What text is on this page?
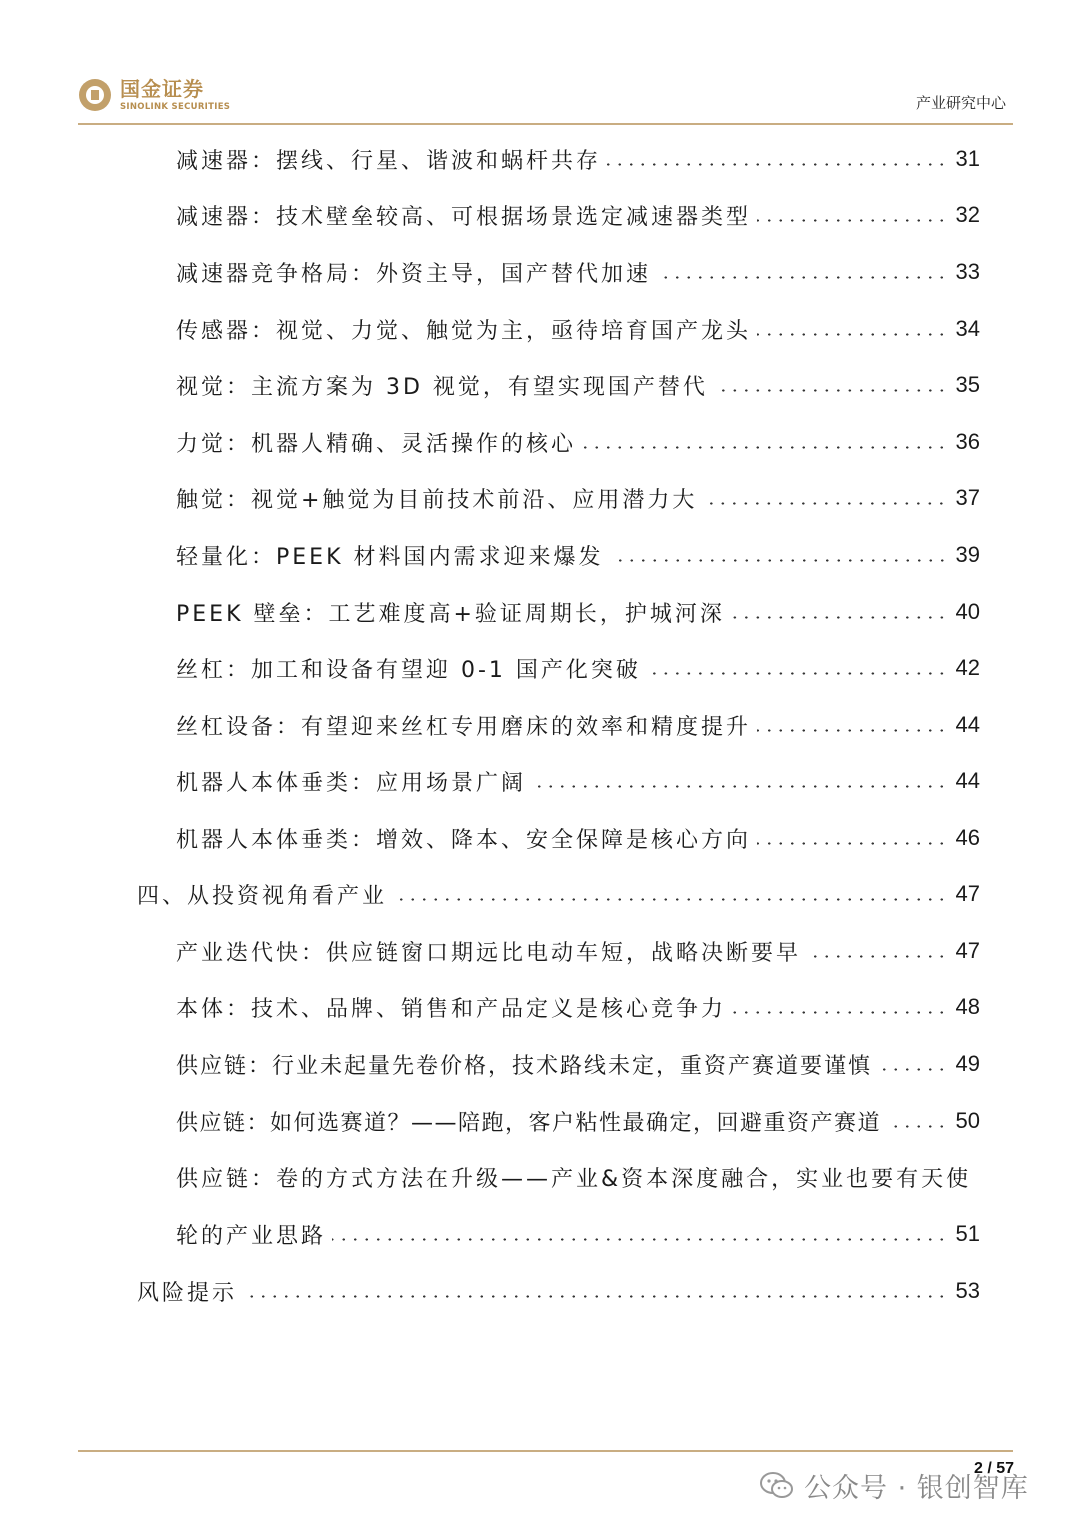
国金证券
SINOLINK SECURITIES	产业研究中心
减速器：摆线、行星、谐波和蜗杆共存	31
减速器：技术壁垒较高、可根据场景选定减速器类型	32
减速器竞争格局：外资主导，国产替代加速	33
传感器：视觉、力觉、触觉为主，亟待培育国产龙头	34
视觉：主流方案为 3D 视觉，有望实现国产替代	35
力觉：机器人精确、灵活操作的核心	36
触觉：视觉+触觉为目前技术前沿、应用潜力大	37
轻量化：PEEK 材料国内需求迎来爆发	39
PEEK 壁垒：工艺难度高+验证周期长，护城河深	40
丝杠：加工和设备有望迎 0-1 国产化突破	42
丝杠设备：有望迎来丝杠专用磨床的效率和精度提升	44
机器人本体垂类：应用场景广阔	44
机器人本体垂类：增效、降本、安全保障是核心方向	46
四、从投资视角看产业	47
产业迭代快：供应链窗口期远比电动车短，战略决断要早	47
本体：技术、品牌、销售和产品定义是核心竞争力	48
供应链：行业未起量先卷价格，技术路线未定，重资产赛道要谨慎	49
供应链：如何选赛道？——陪跑，客户粘性最确定，回避重资产赛道	50
供应链：卷的方式方法在升级——产业&资本深度融合，实业也要有天使
轮的产业思路	51
风险提示	53
2 / 57
公众号 · 银创智库
